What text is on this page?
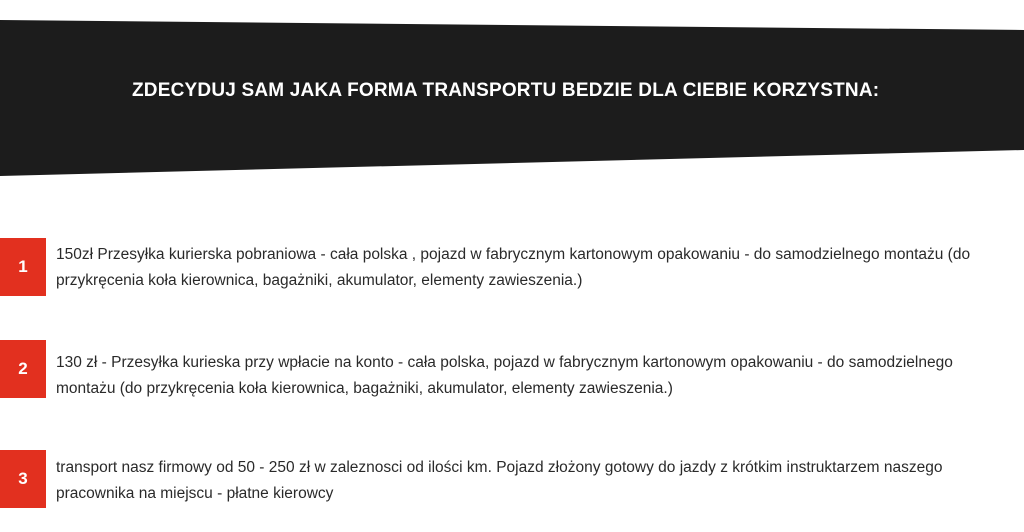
ZDECYDUJ SAM JAKA FORMA TRANSPORTU BEDZIE DLA CIEBIE KORZYSTNA:
1

150zł Przesyłka kurierska pobraniowa - cała polska , pojazd w fabrycznym kartonowym opakowaniu - do samodzielnego montażu (do przykręcenia koła kierownica, bagażniki, akumulator, elementy zawieszenia.)

2	130 zł - Przesyłka kurieska przy wpłacie na konto - cała polska, pojazd w fabrycznym kartonowym opakowaniu - do samodzielnego montażu (do przykręcenia koła kierownica, bagażniki, akumulator, elementy zawieszenia.)

3

transport nasz firmowy od 50 - 250 zł w zaleznosci od ilości km. Pojazd złożony gotowy do jazdy z krótkim instruktarzem naszego pracownika na miejscu - płatne kierowcy
